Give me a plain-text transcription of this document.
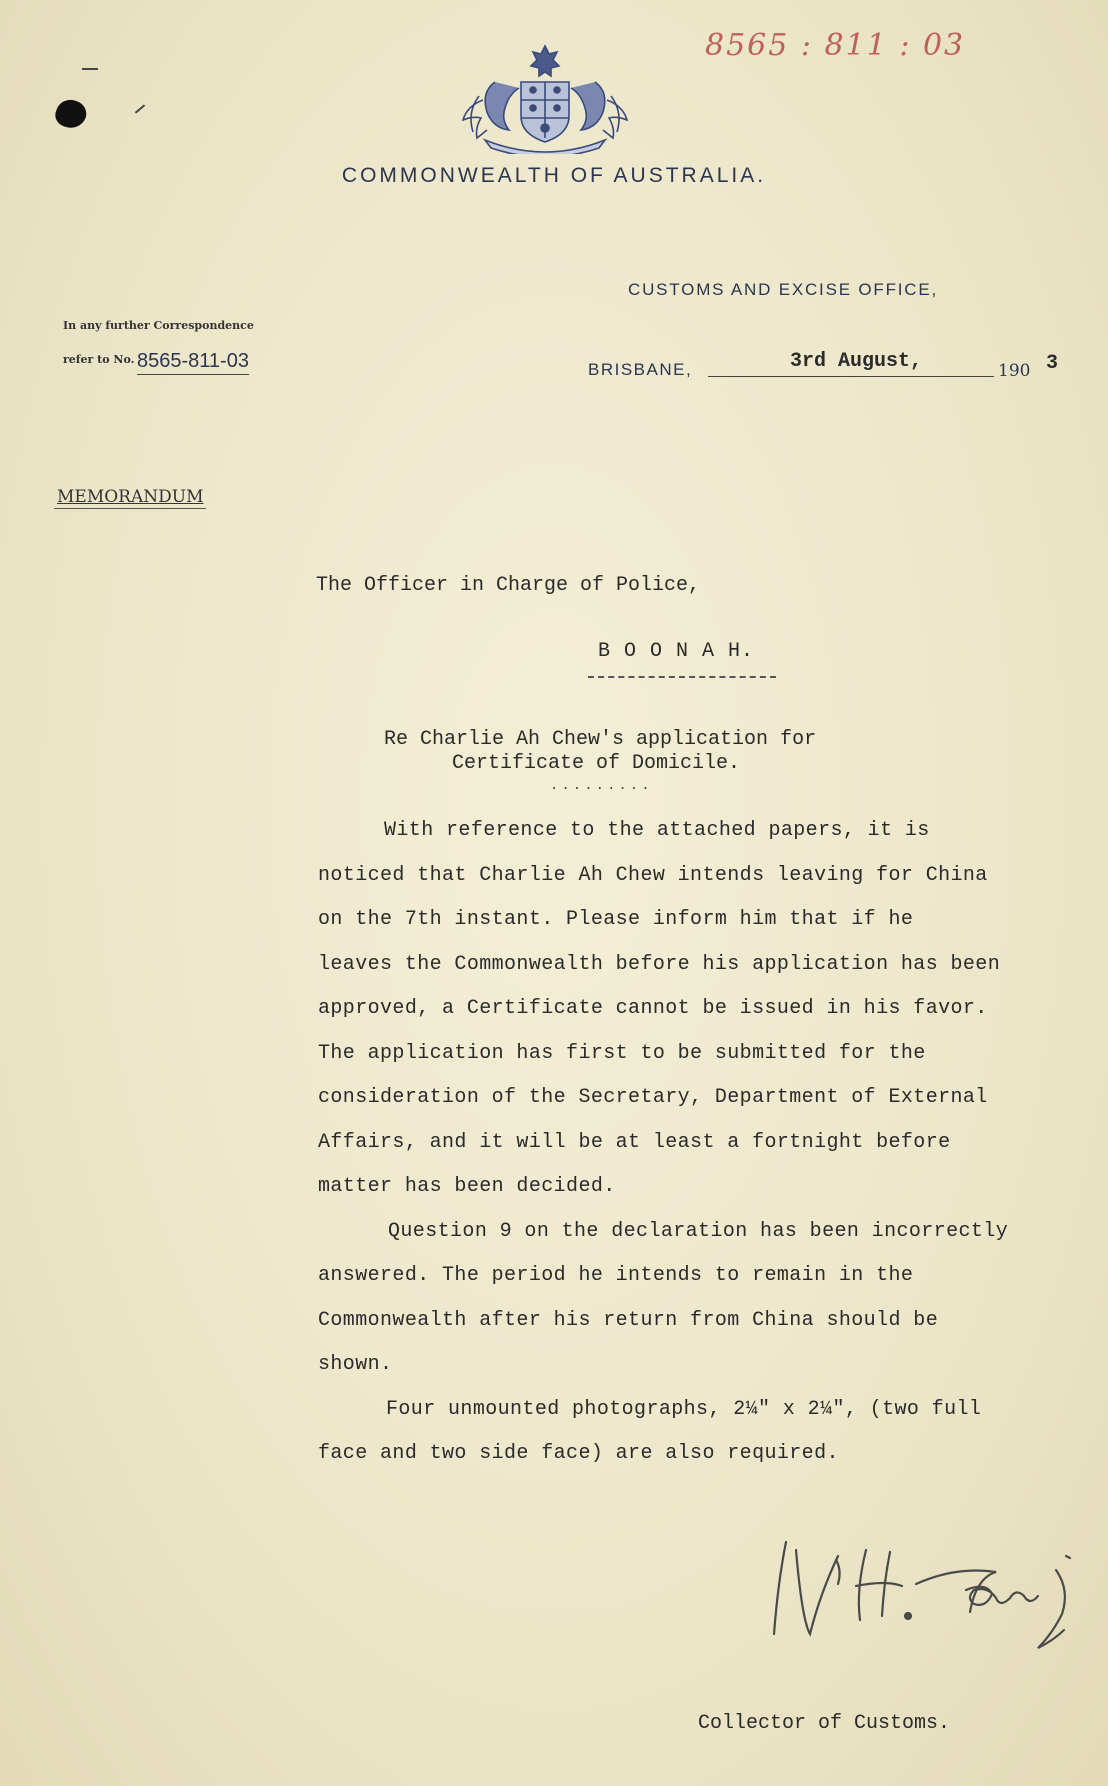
8565 : 811 : 03
COMMONWEALTH OF AUSTRALIA.
CUSTOMS AND EXCISE OFFICE,
In any further Correspondence
refer to No. 8565-811-03	BRISBANE,	3rd August,	190 3
MEMORANDUM
The Officer in Charge of Police,
B O O N A H.
Re Charlie Ah Chew's application for
Certificate of Domicile.
.........
With reference to the attached papers, it is
noticed that Charlie Ah Chew intends leaving for China
on the 7th instant. Please inform him that if he
leaves the Commonwealth before his application has been
approved, a Certificate cannot be issued in his favor.
The application has first to be submitted for the
consideration of the Secretary, Department of External
Affairs, and it will be at least a fortnight before
matter has been decided.
Question 9 on the declaration has been incorrectly
answered. The period he intends to remain in the
Commonwealth after his return from China should be
shown.
Four unmounted photographs, 2¼" x 2¼", (two full
face and two side face) are also required.
Collector of Customs.
